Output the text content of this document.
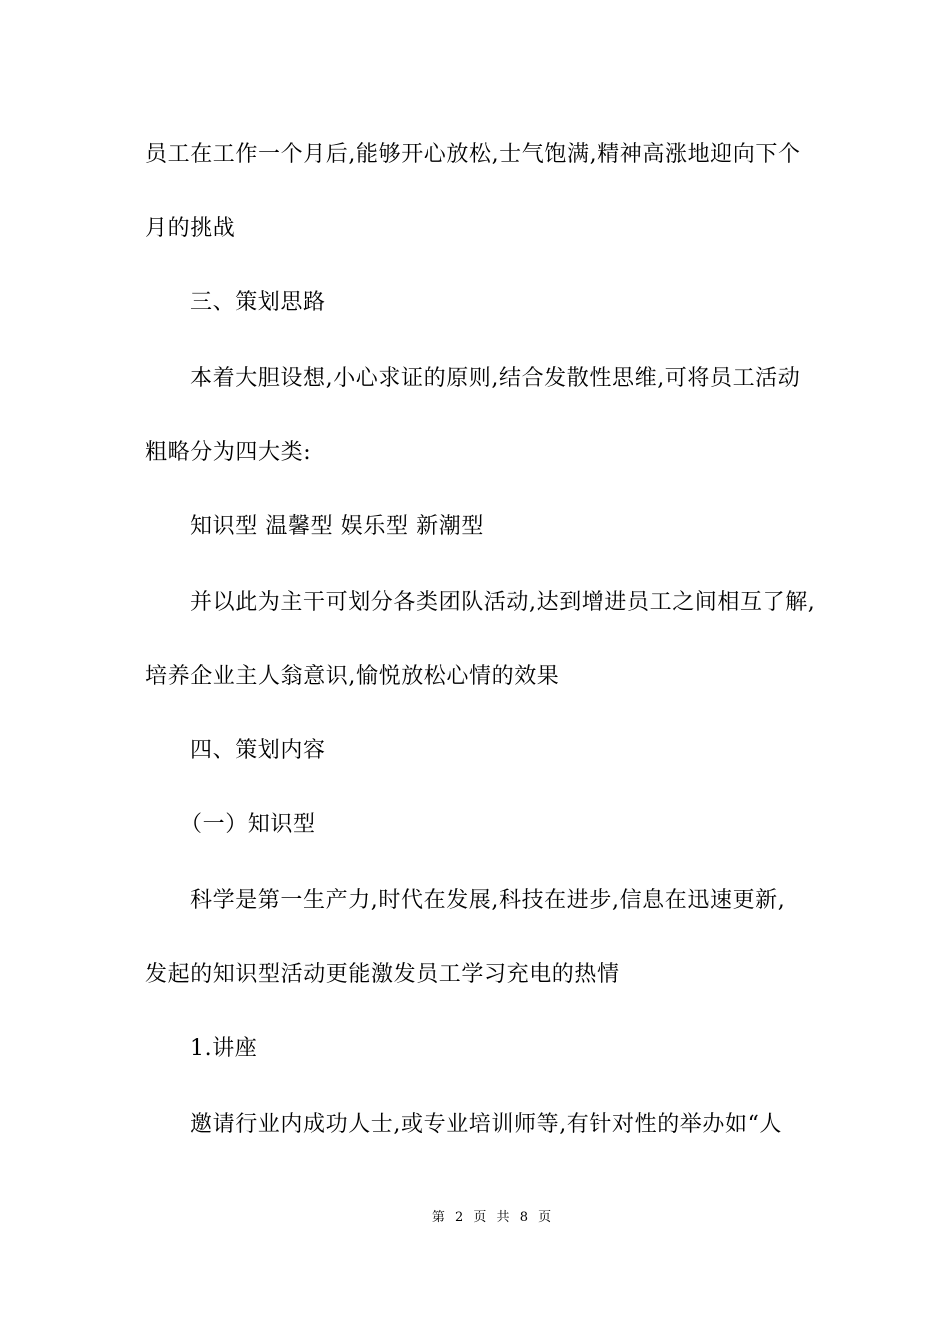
员工在工作一个月后,能够开心放松,士气饱满,精神高涨地迎向下个
月的挑战
三、策划思路
本着大胆设想,小心求证的原则,结合发散性思维,可将员工活动
粗略分为四大类:
知识型 温馨型 娱乐型 新潮型
并以此为主干可划分各类团队活动,达到增进员工之间相互了解,
培养企业主人翁意识,愉悦放松心情的效果
四、策划内容
（一）知识型
科学是第一生产力,时代在发展,科技在进步,信息在迅速更新,
发起的知识型活动更能激发员工学习充电的热情
1.讲座
邀请行业内成功人士,或专业培训师等,有针对性的举办如“人
第 2 页 共 8 页
